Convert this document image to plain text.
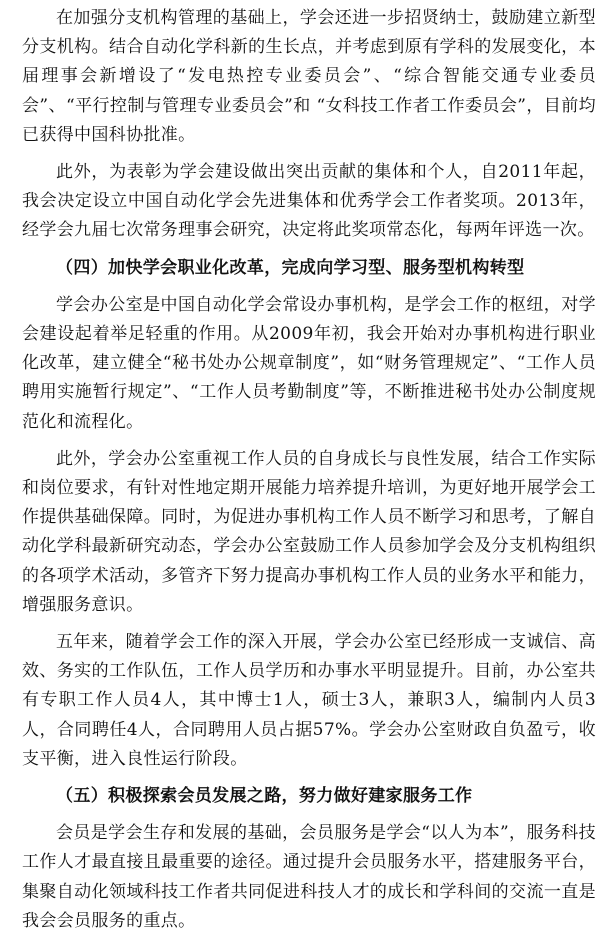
在加强分支机构管理的基础上，学会还进一步招贤纳士，鼓励建立新型分支机构。结合自动化学科新的生长点，并考虑到原有学科的发展变化，本届理事会新增设了“发电热控专业委员会”、“综合智能交通专业委员会”、“平行控制与管理专业委员会”和 “女科技工作者工作委员会”，目前均已获得中国科协批准。

此外，为表彰为学会建设做出突出贡献的集体和个人，自2011年起，我会决定设立中国自动化学会先进集体和优秀学会工作者奖项。2013年，经学会九届七次常务理事会研究，决定将此奖项常态化，每两年评选一次。

（四）加快学会职业化改革，完成向学习型、服务型机构转型

学会办公室是中国自动化学会常设办事机构，是学会工作的枢纽，对学会建设起着举足轻重的作用。从2009年初，我会开始对办事机构进行职业化改革，建立健全“秘书处办公规章制度”，如“财务管理规定”、“工作人员聘用实施暂行规定”、“工作人员考勤制度”等，不断推进秘书处办公制度规范化和流程化。

此外，学会办公室重视工作人员的自身成长与良性发展，结合工作实际和岗位要求，有针对性地定期开展能力培养提升培训，为更好地开展学会工作提供基础保障。同时，为促进办事机构工作人员不断学习和思考，了解自动化学科最新研究动态，学会办公室鼓励工作人员参加学会及分支机构组织的各项学术活动，多管齐下努力提高办事机构工作人员的业务水平和能力，增强服务意识。

五年来，随着学会工作的深入开展，学会办公室已经形成一支诚信、高效、务实的工作队伍，工作人员学历和办事水平明显提升。目前，办公室共有专职工作人员4人，其中博士1人，硕士3人，兼职3人，编制内人员3人，合同聘任4人，合同聘用人员占据57%。学会办公室财政自负盈亏，收支平衡，进入良性运行阶段。

（五）积极探索会员发展之路，努力做好建家服务工作

会员是学会生存和发展的基础，会员服务是学会“以人为本”，服务科技工作人才最直接且最重要的途径。通过提升会员服务水平，搭建服务平台，集聚自动化领域科技工作者共同促进科技人才的成长和学科间的交流一直是我会会员服务的重点。
